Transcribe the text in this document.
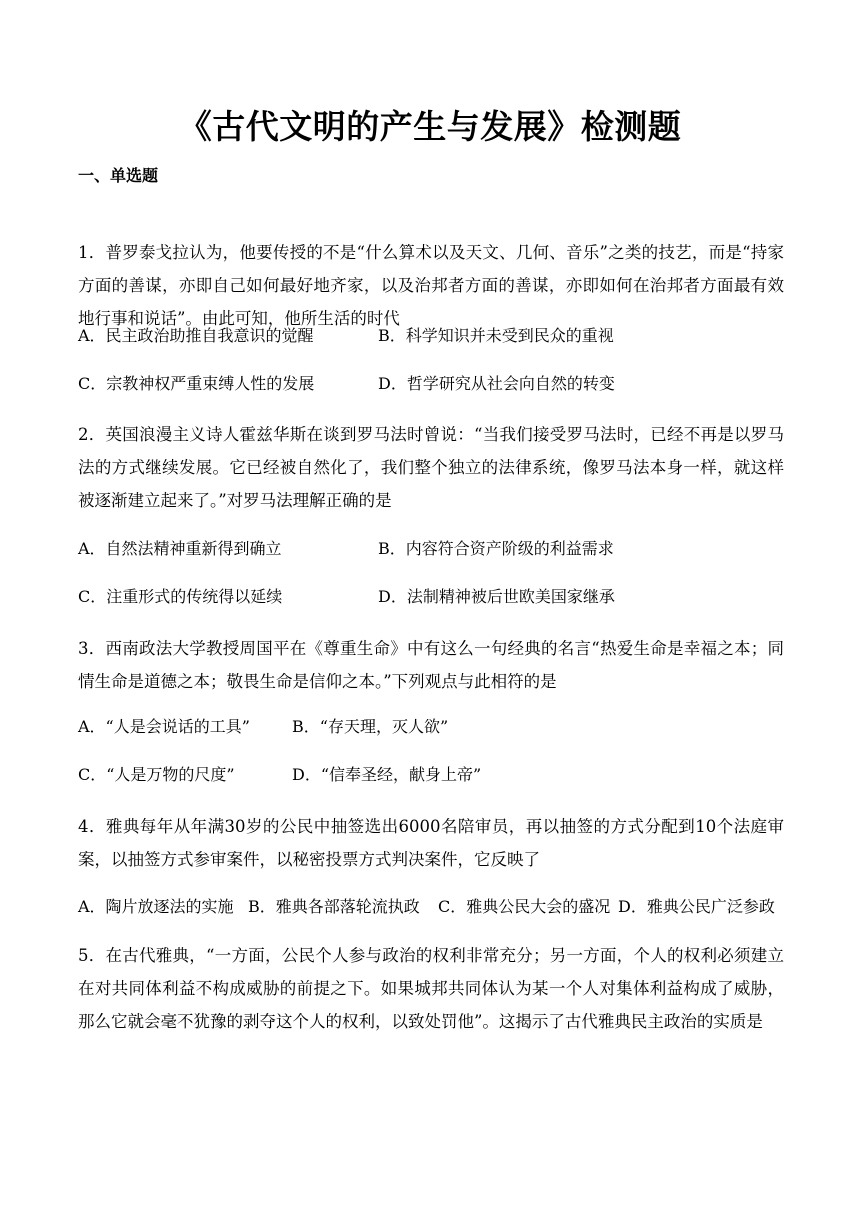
《古代文明的产生与发展》检测题
一、单选题
1．普罗泰戈拉认为，他要传授的不是“什么算术以及天文、几何、音乐”之类的技艺，而是“持家方面的善谋，亦即自己如何最好地齐家，以及治邦者方面的善谋，亦即如何在治邦者方面最有效地行事和说话”。由此可知，他所生活的时代
A．民主政治助推自我意识的觉醒	B．科学知识并未受到民众的重视
C．宗教神权严重束缚人性的发展	D．哲学研究从社会向自然的转变
2．英国浪漫主义诗人霍兹华斯在谈到罗马法时曾说：“当我们接受罗马法时，已经不再是以罗马法的方式继续发展。它已经被自然化了，我们整个独立的法律系统，像罗马法本身一样，就这样被逐渐建立起来了。”对罗马法理解正确的是
A．自然法精神重新得到确立	B．内容符合资产阶级的利益需求
C．注重形式的传统得以延续	D．法制精神被后世欧美国家继承
3．西南政法大学教授周国平在《尊重生命》中有这么一句经典的名言“热爱生命是幸福之本；同情生命是道德之本；敬畏生命是信仰之本。”下列观点与此相符的是
A．“人是会说话的工具”	B．“存天理，灭人欲”
C．“人是万物的尺度”	D．“信奉圣经，献身上帝”
4．雅典每年从年满30岁的公民中抽签选出6000名陪审员，再以抽签的方式分配到10个法庭审案，以抽签方式参审案件，以秘密投票方式判决案件，它反映了
A．陶片放逐法的实施 B．雅典各部落轮流执政 C．雅典公民大会的盛况 D．雅典公民广泛参政
5．在古代雅典，“一方面，公民个人参与政治的权利非常充分；另一方面，个人的权利必须建立在对共同体利益不构成威胁的前提之下。如果城邦共同体认为某一个人对集体利益构成了威胁，那么它就会毫不犹豫的剥夺这个人的权利，以致处罚他”。这揭示了古代雅典民主政治的实质是
